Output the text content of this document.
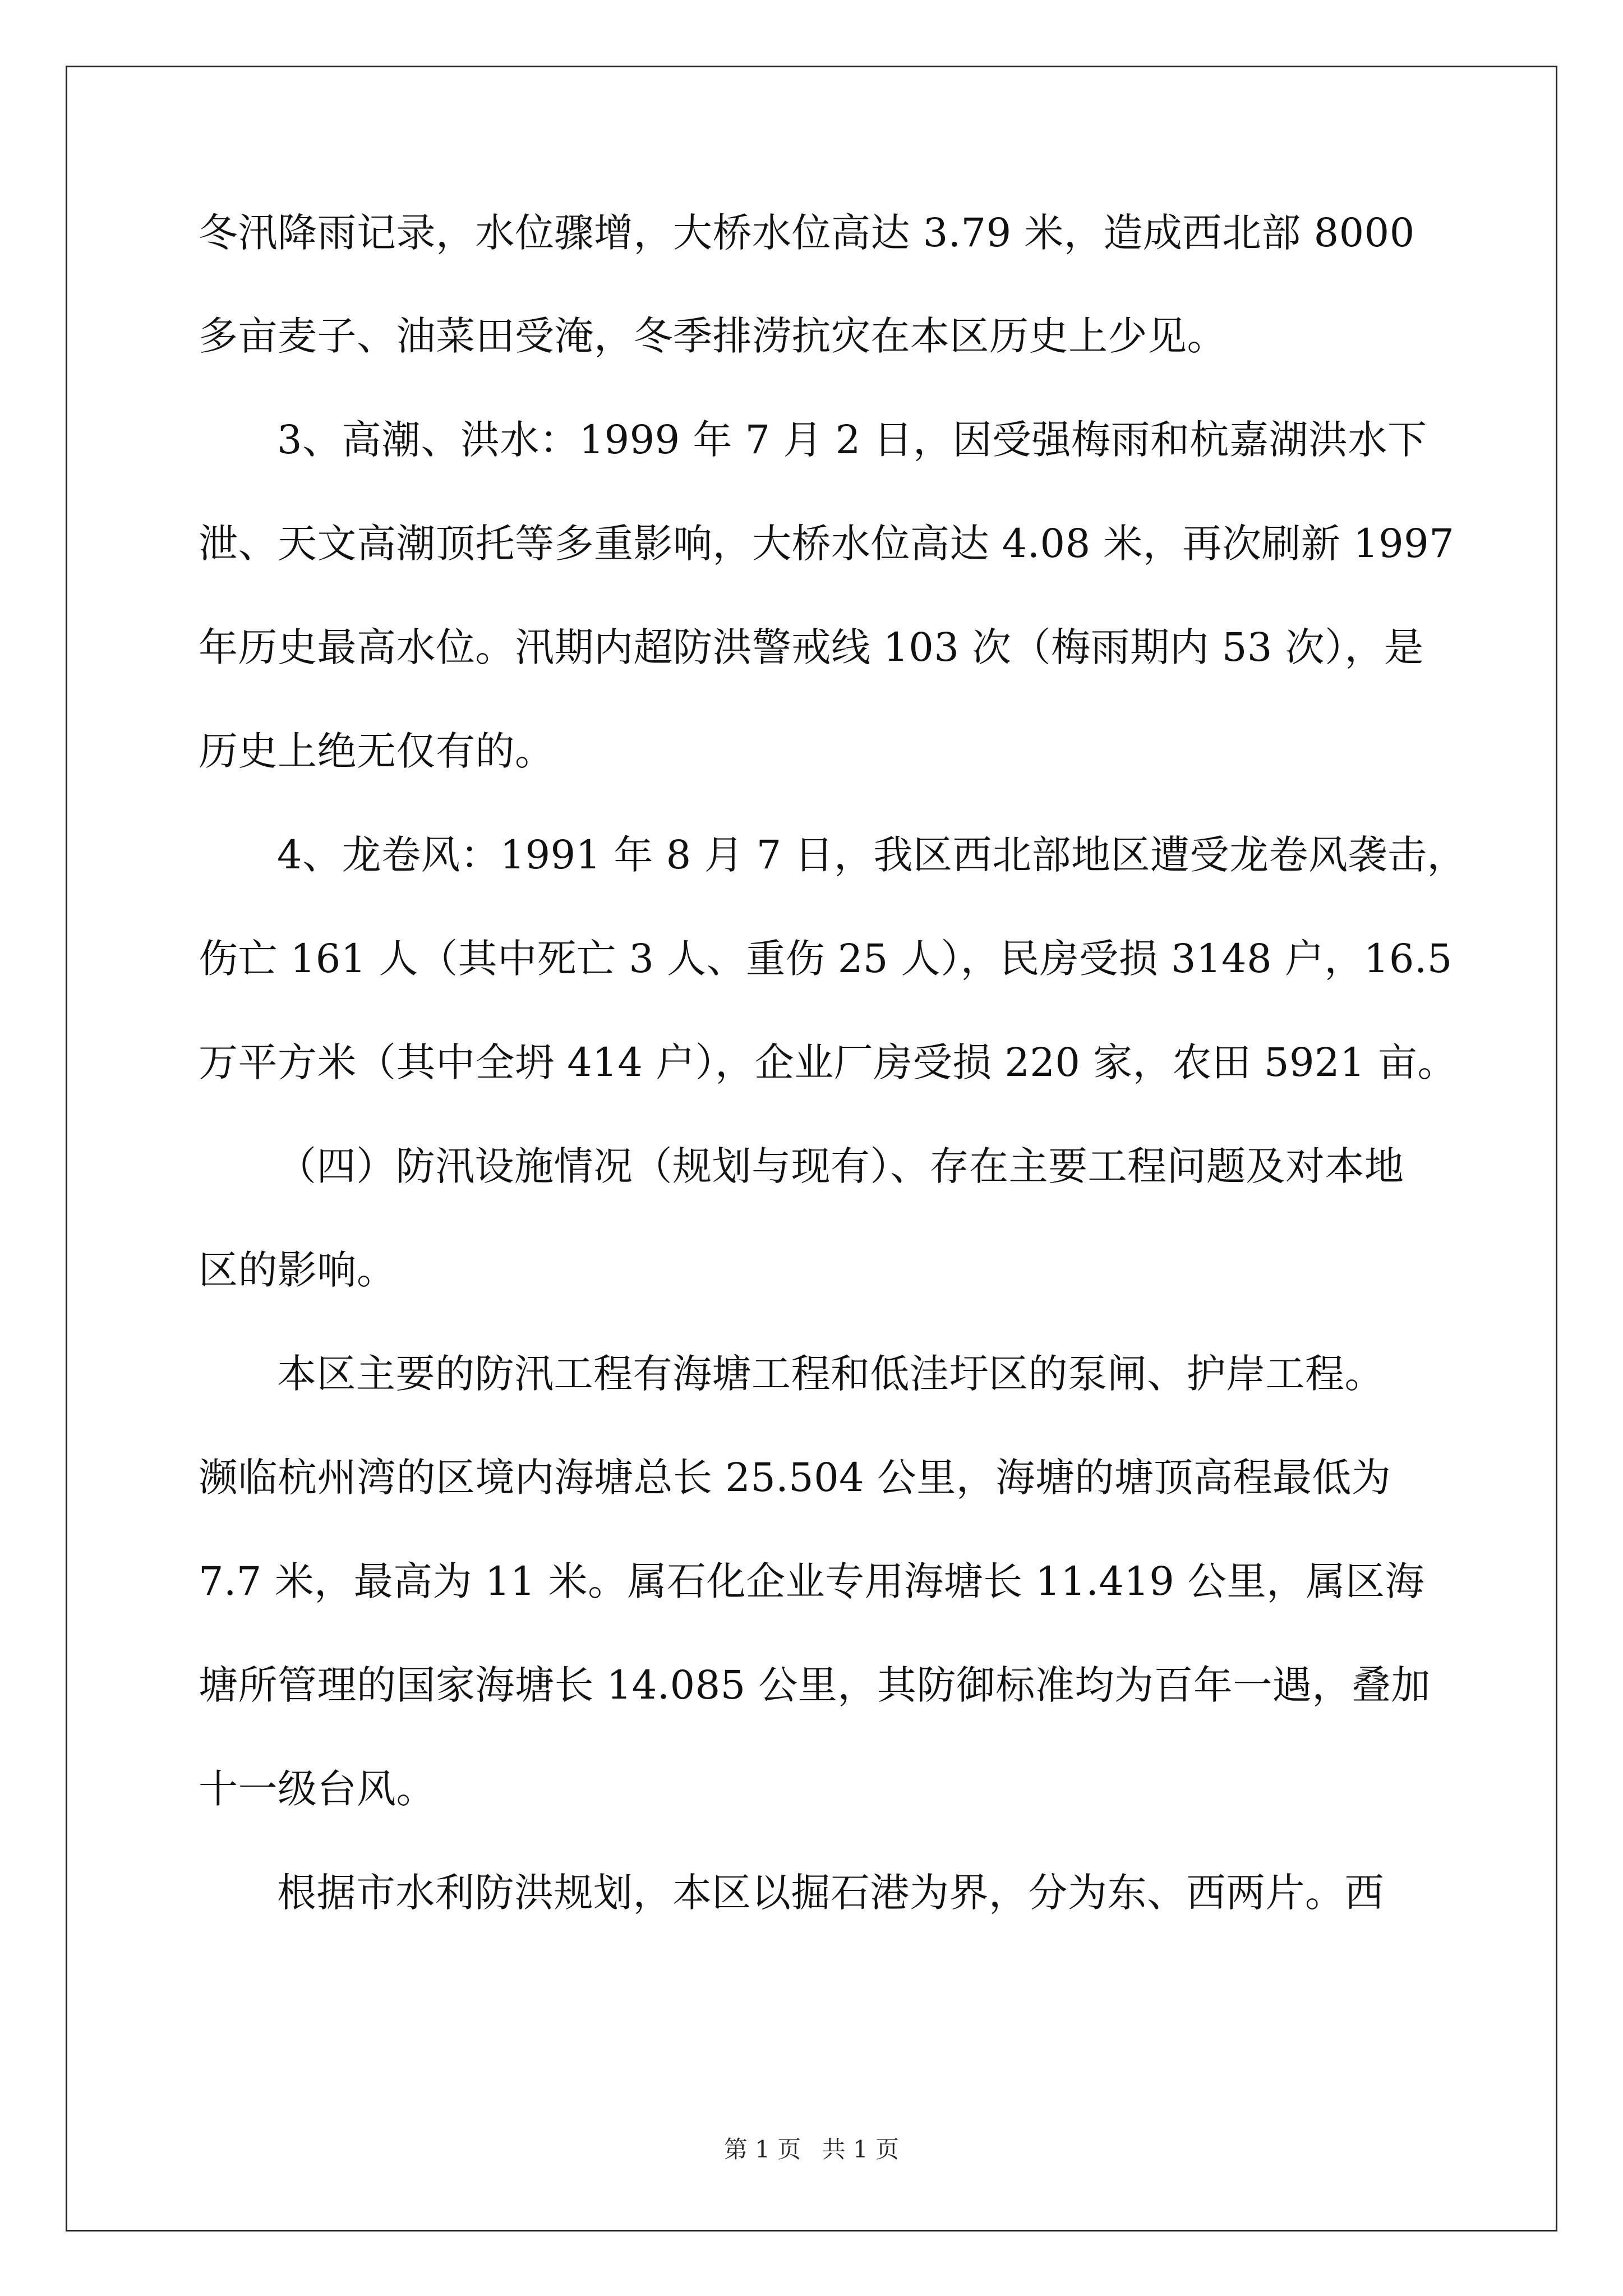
冬汛降雨记录，水位骤增，大桥水位高达 3.79 米，造成西北部 8000
多亩麦子、油菜田受淹，冬季排涝抗灾在本区历史上少见。
3、高潮、洪水：1999 年 7 月 2 日，因受强梅雨和杭嘉湖洪水下
泄、天文高潮顶托等多重影响，大桥水位高达 4.08 米，再次刷新 1997
年历史最高水位。汛期内超防洪警戒线 103 次（梅雨期内 53 次），是
历史上绝无仅有的。
4、龙卷风：1991 年 8 月 7 日，我区西北部地区遭受龙卷风袭击，
伤亡 161 人（其中死亡 3 人、重伤 25 人），民房受损 3148 户，16.5
万平方米（其中全坍 414 户），企业厂房受损 220 家，农田 5921 亩。
（四）防汛设施情况（规划与现有）、存在主要工程问题及对本地
区的影响。
本区主要的防汛工程有海塘工程和低洼圩区的泵闸、护岸工程。
濒临杭州湾的区境内海塘总长 25.504 公里，海塘的塘顶高程最低为
7.7 米，最高为 11 米。属石化企业专用海塘长 11.419 公里，属区海
塘所管理的国家海塘长 14.085 公里，其防御标准均为百年一遇，叠加
十一级台风。
根据市水利防洪规划，本区以掘石港为界，分为东、西两片。西
第 1 页 共 1 页
